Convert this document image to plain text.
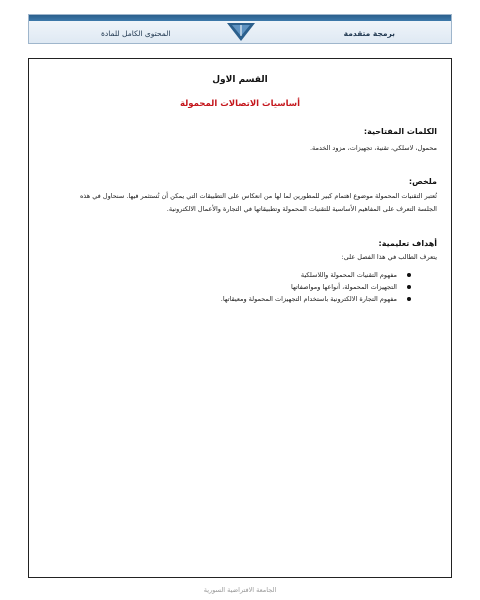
برمجة متقدمة
المحتوى الكامل للمادة
القسم الاول
أساسيات الاتصالات المحمولة
الكلمات المفتاحية:
محمول، لاسلكي، تقنية، تجهيزات، مزود الخدمة.
ملخص:
تُعتبر التقنيات المحمولة موضوع اهتمام كبير للمطورين لما لها من انعكاس على التطبيقات التي يمكن أن تُستثمر فيها. سنحاول في هذه
الجلسة التعرف على المفاهيم الأساسية للتقنيات المحمولة وتطبيقاتها في التجارة والأعمال الالكترونية.
أهداف تعليمية:
يتعرف الطالب في هذا الفصل على:
مفهوم التقنيات المحمولة واللاسلكية
التجهيزات المحمولة، أنواعها ومواصفاتها
مفهوم التجارة الالكترونية باستخدام التجهيزات المحمولة ومعيقاتها.
الجامعة الافتراضية السورية
